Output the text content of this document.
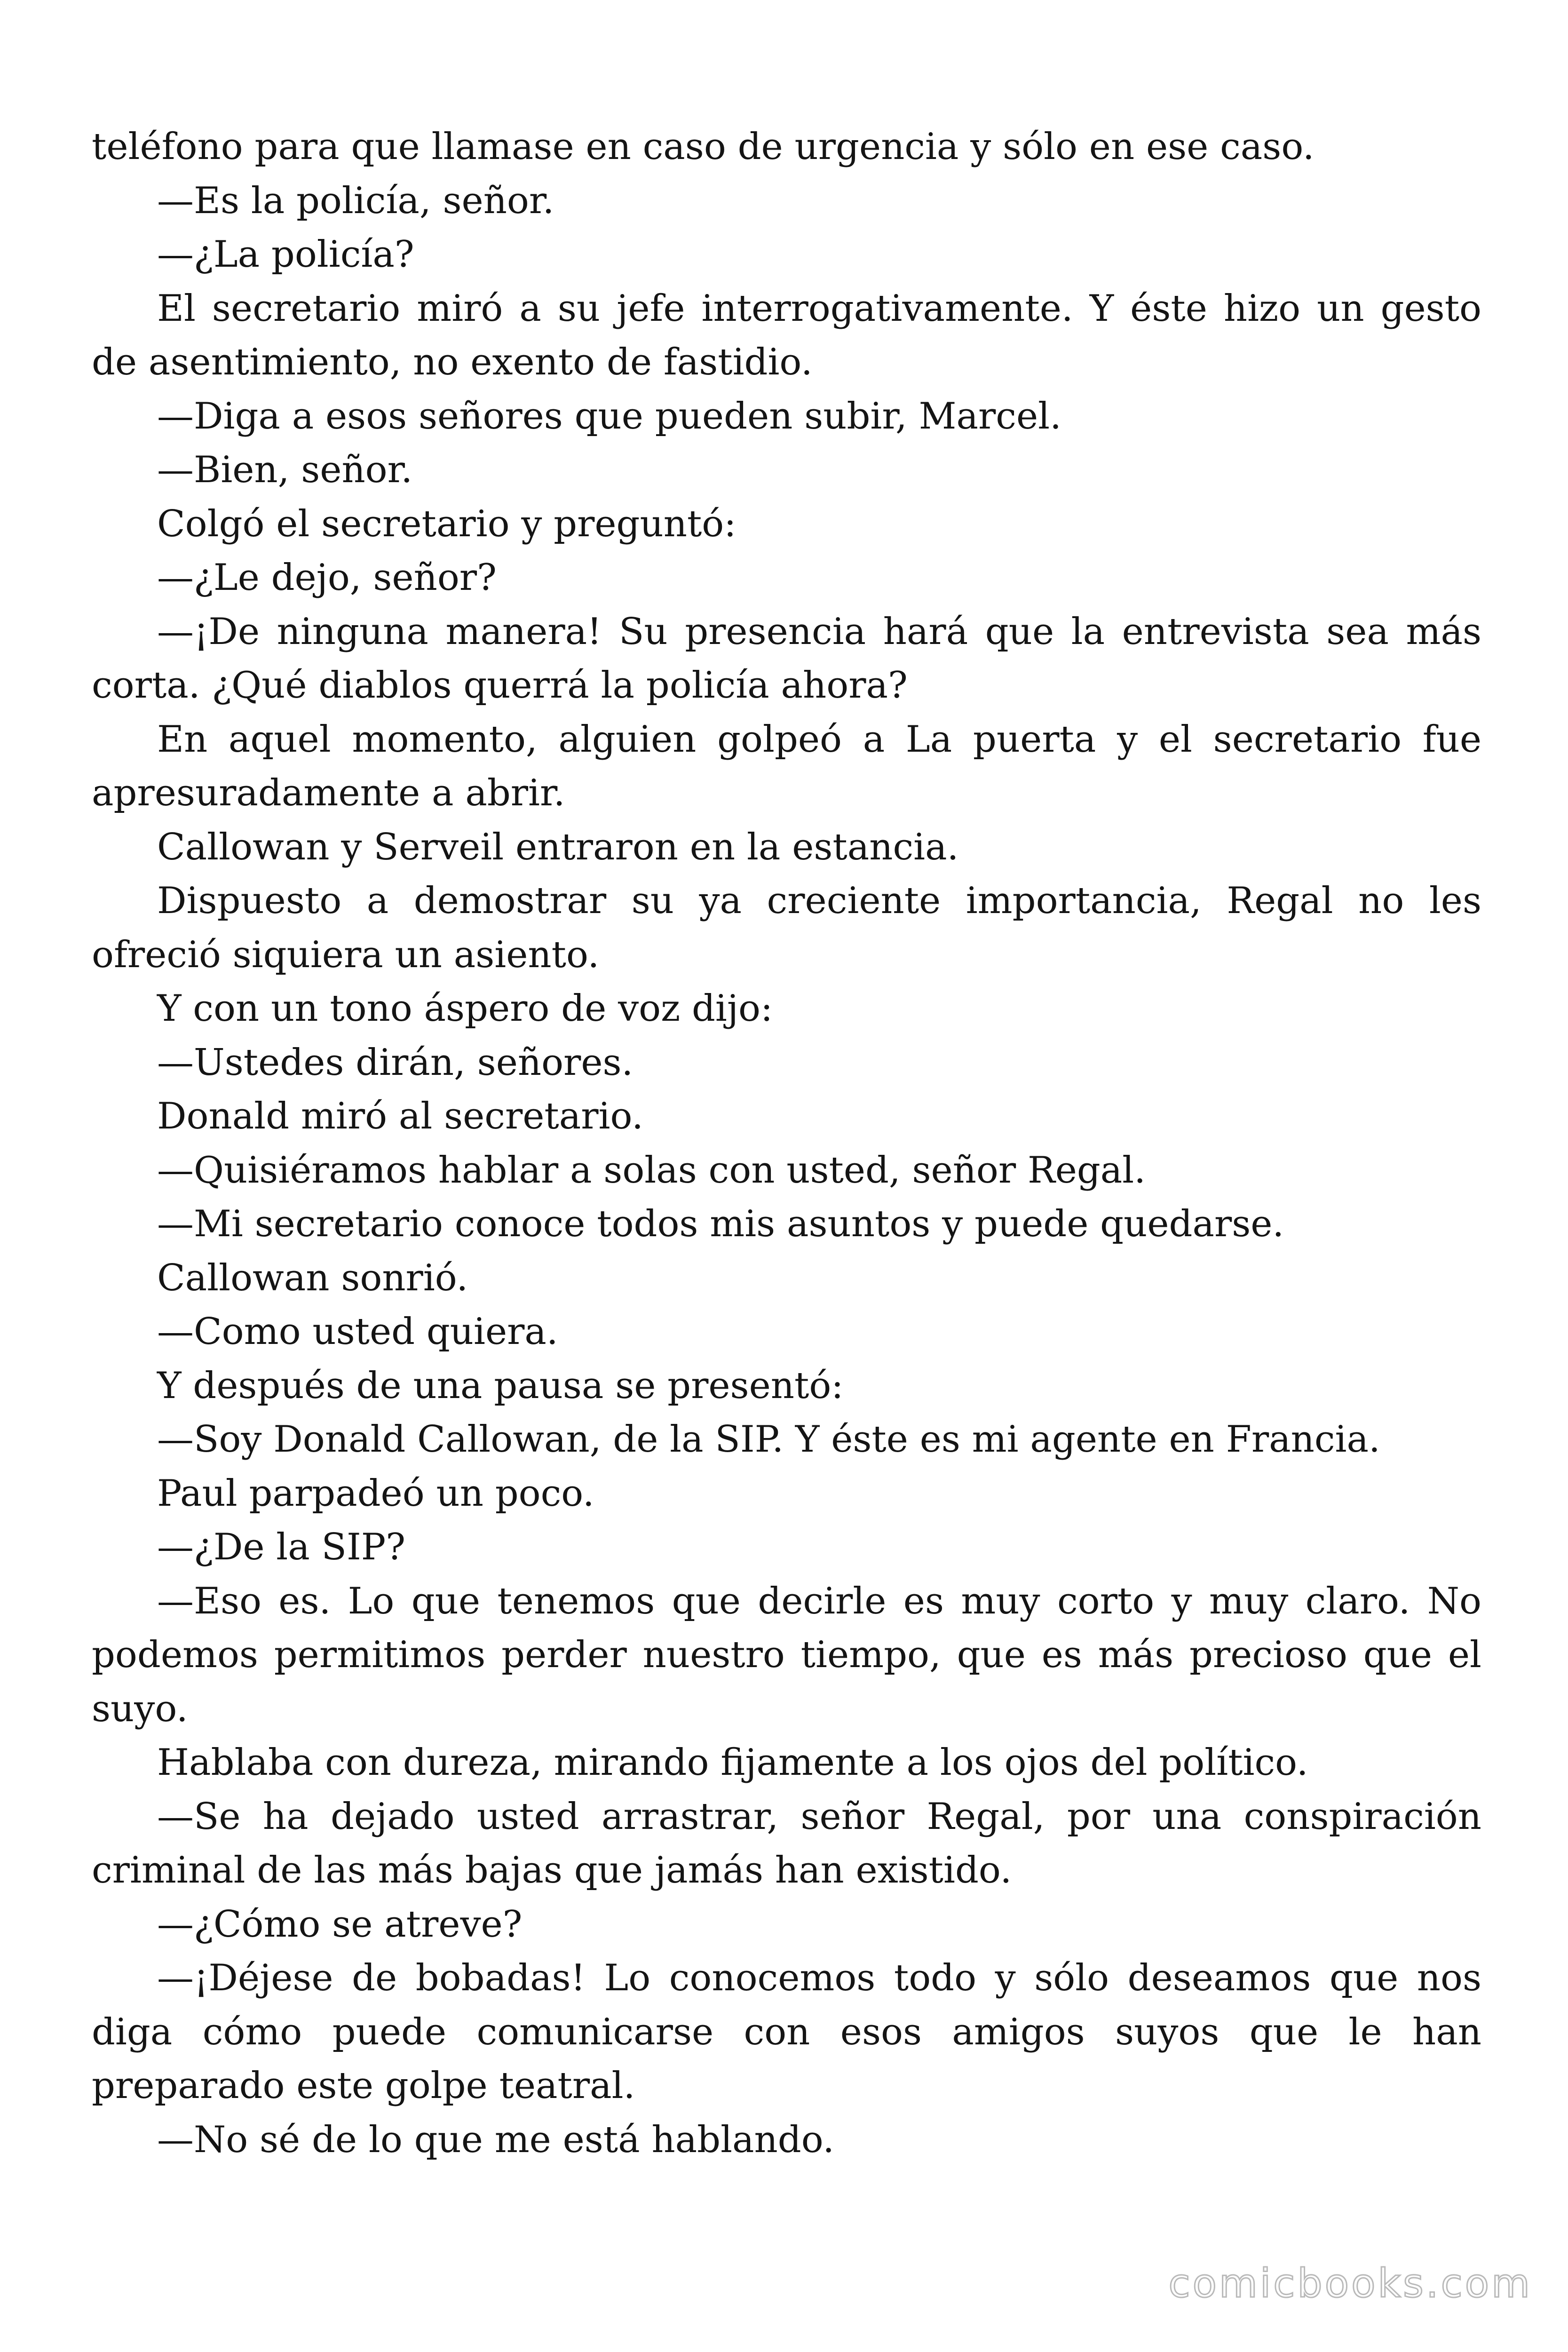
teléfono para que llamase en caso de urgencia y sólo en ese caso.

—Es la policía, señor.

—¿La policía?

El secretario miró a su jefe interrogativamente. Y éste hizo un gesto de asentimiento, no exento de fastidio.

—Diga a esos señores que pueden subir, Marcel.

—Bien, señor.

Colgó el secretario y preguntó:

—¿Le dejo, señor?

—¡De ninguna manera! Su presencia hará que la entrevista sea más corta. ¿Qué diablos querrá la policía ahora?

En aquel momento, alguien golpeó a La puerta y el secretario fue apresuradamente a abrir.

Callowan y Serveil entraron en la estancia.

Dispuesto a demostrar su ya creciente importancia, Regal no les ofreció siquiera un asiento.

Y con un tono áspero de voz dijo:

—Ustedes dirán, señores.

Donald miró al secretario.

—Quisiéramos hablar a solas con usted, señor Regal.

—Mi secretario conoce todos mis asuntos y puede quedarse.

Callowan sonrió.

—Como usted quiera.

Y después de una pausa se presentó:

—Soy Donald Callowan, de la SIP. Y éste es mi agente en Francia.

Paul parpadeó un poco.

—¿De la SIP?

—Eso es. Lo que tenemos que decirle es muy corto y muy claro. No podemos permitimos perder nuestro tiempo, que es más precioso que el suyo.

Hablaba con dureza, mirando fijamente a los ojos del político.

—Se ha dejado usted arrastrar, señor Regal, por una conspiración criminal de las más bajas que jamás han existido.

—¿Cómo se atreve?

—¡Déjese de bobadas! Lo conocemos todo y sólo deseamos que nos diga cómo puede comunicarse con esos amigos suyos que le han preparado este golpe teatral.

—No sé de lo que me está hablando.

comicbooks.com
